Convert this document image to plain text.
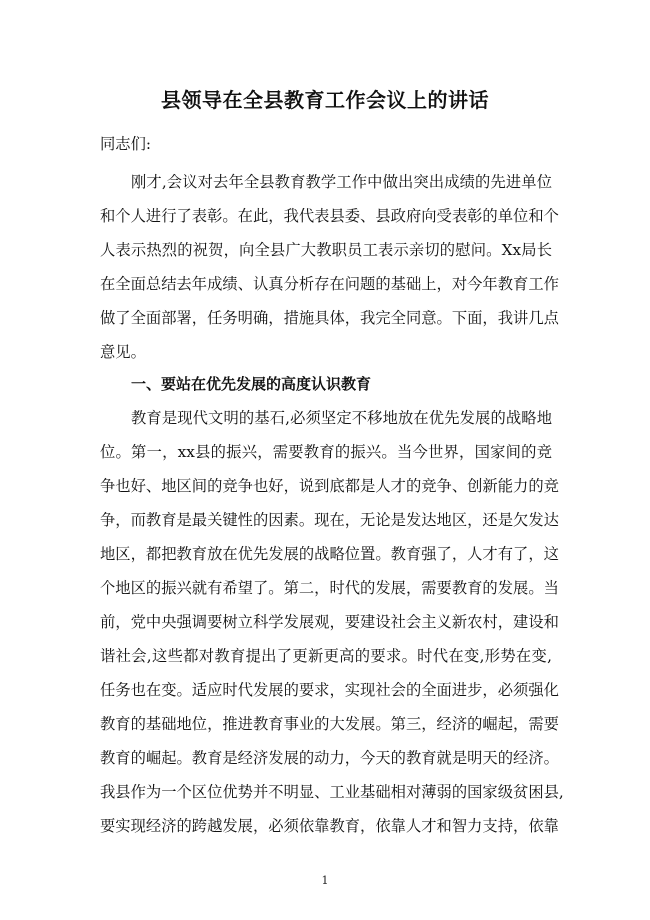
县领导在全县教育工作会议上的讲话
同志们:
刚才,会议对去年全县教育教学工作中做出突出成绩的先进单位
和个人进行了表彰。在此，我代表县委、县政府向受表彰的单位和个
人表示热烈的祝贺，向全县广大教职员工表示亲切的慰问。Xx局长
在全面总结去年成绩、认真分析存在问题的基础上，对今年教育工作
做了全面部署，任务明确，措施具体，我完全同意。下面，我讲几点
意见。
一、要站在优先发展的高度认识教育
教育是现代文明的基石,必须坚定不移地放在优先发展的战略地
位。第一，xx县的振兴，需要教育的振兴。当今世界，国家间的竞
争也好、地区间的竞争也好，说到底都是人才的竞争、创新能力的竞
争，而教育是最关键性的因素。现在，无论是发达地区，还是欠发达
地区，都把教育放在优先发展的战略位置。教育强了，人才有了，这
个地区的振兴就有希望了。第二，时代的发展，需要教育的发展。当
前，党中央强调要树立科学发展观，要建设社会主义新农村，建设和
谐社会,这些都对教育提出了更新更高的要求。时代在变,形势在变,
任务也在变。适应时代发展的要求，实现社会的全面进步，必须强化
教育的基础地位，推进教育事业的大发展。第三，经济的崛起，需要
教育的崛起。教育是经济发展的动力，今天的教育就是明天的经济。
我县作为一个区位优势并不明显、工业基础相对薄弱的国家级贫困县,
要实现经济的跨越发展，必须依靠教育，依靠人才和智力支持，依靠
1
